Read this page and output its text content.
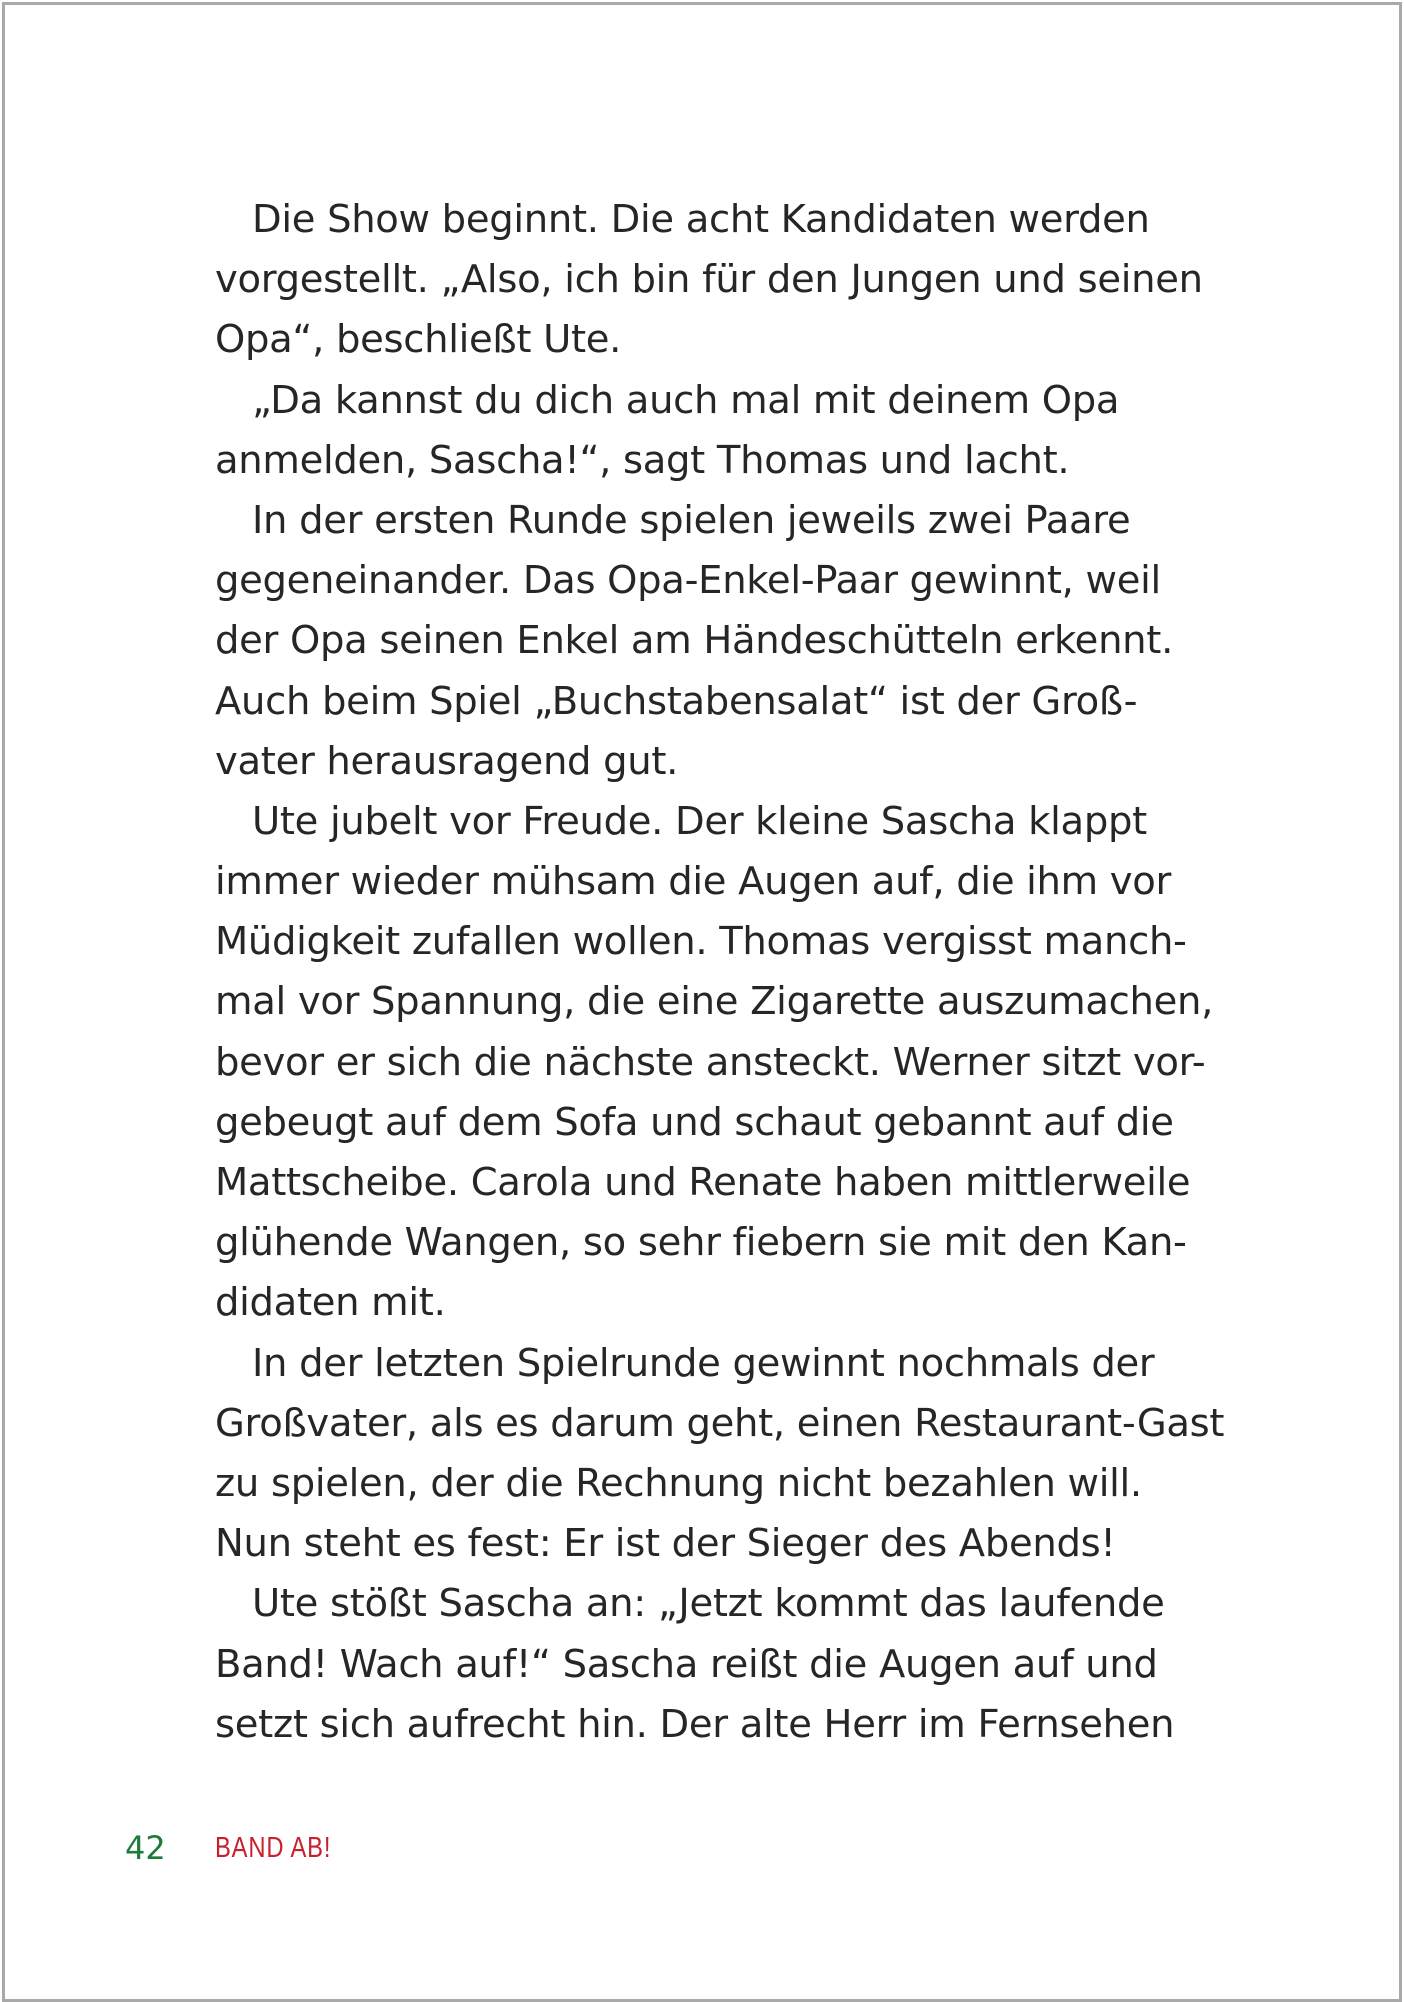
Die Show beginnt. Die acht Kandidaten werden
vorgestellt. „Also, ich bin für den Jungen und seinen
Opa“, beschließt Ute.
„Da kannst du dich auch mal mit deinem Opa
anmelden, Sascha!“, sagt Thomas und lacht.
In der ersten Runde spielen jeweils zwei Paare
gegeneinander. Das Opa-Enkel-Paar gewinnt, weil
der Opa seinen Enkel am Händeschütteln erkennt.
Auch beim Spiel „Buchstabensalat“ ist der Groß-
vater herausragend gut.
Ute jubelt vor Freude. Der kleine Sascha klappt
immer wieder mühsam die Augen auf, die ihm vor
Müdigkeit zufallen wollen. Thomas vergisst manch-
mal vor Spannung, die eine Zigarette auszumachen,
bevor er sich die nächste ansteckt. Werner sitzt vor-
gebeugt auf dem Sofa und schaut gebannt auf die
Mattscheibe. Carola und Renate haben mittlerweile
glühende Wangen, so sehr fiebern sie mit den Kan-
didaten mit.
In der letzten Spielrunde gewinnt nochmals der
Großvater, als es darum geht, einen Restaurant-Gast
zu spielen, der die Rechnung nicht bezahlen will.
Nun steht es fest: Er ist der Sieger des Abends!
Ute stößt Sascha an: „Jetzt kommt das laufende
Band! Wach auf!“ Sascha reißt die Augen auf und
setzt sich aufrecht hin. Der alte Herr im Fernsehen
42 BAND AB!
